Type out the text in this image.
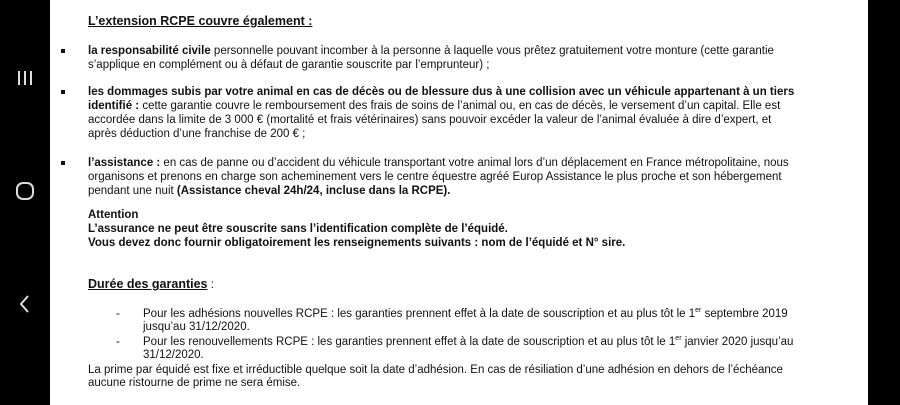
L’extension RCPE couvre également :
la responsabilité civile personnelle pouvant incomber à la personne à laquelle vous prêtez gratuitement votre monture (cette garantie
s’applique en complément ou à défaut de garantie souscrite par l’emprunteur) ;
les dommages subis par votre animal en cas de décès ou de blessure dus à une collision avec un véhicule appartenant à un tiers
identifié : cette garantie couvre le remboursement des frais de soins de l’animal ou, en cas de décès, le versement d’un capital. Elle est
accordée dans la limite de 3 000 € (mortalité et frais vétérinaires) sans pouvoir excéder la valeur de l’animal évaluée à dire d’expert, et
après déduction d’une franchise de 200 € ;
l’assistance : en cas de panne ou d’accident du véhicule transportant votre animal lors d’un déplacement en France métropolitaine, nous
organisons et prenons en charge son acheminement vers le centre équestre agréé Europ Assistance le plus proche et son hébergement
pendant une nuit (Assistance cheval 24h/24, incluse dans la RCPE).
Attention
L’assurance ne peut être souscrite sans l’identification complète de l’équidé.
Vous devez donc fournir obligatoirement les renseignements suivants : nom de l’équidé et N° sire.
Durée des garanties :
- Pour les adhésions nouvelles RCPE : les garanties prennent effet à la date de souscription et au plus tôt le 1er septembre 2019
jusqu’au 31/12/2020.
- Pour les renouvellements RCPE : les garanties prennent effet à la date de souscription et au plus tôt le 1er janvier 2020 jusqu’au
31/12/2020.
La prime par équidé est fixe et irréductible quelque soit la date d’adhésion. En cas de résiliation d’une adhésion en dehors de l’échéance
aucune ristourne de prime ne sera émise.
